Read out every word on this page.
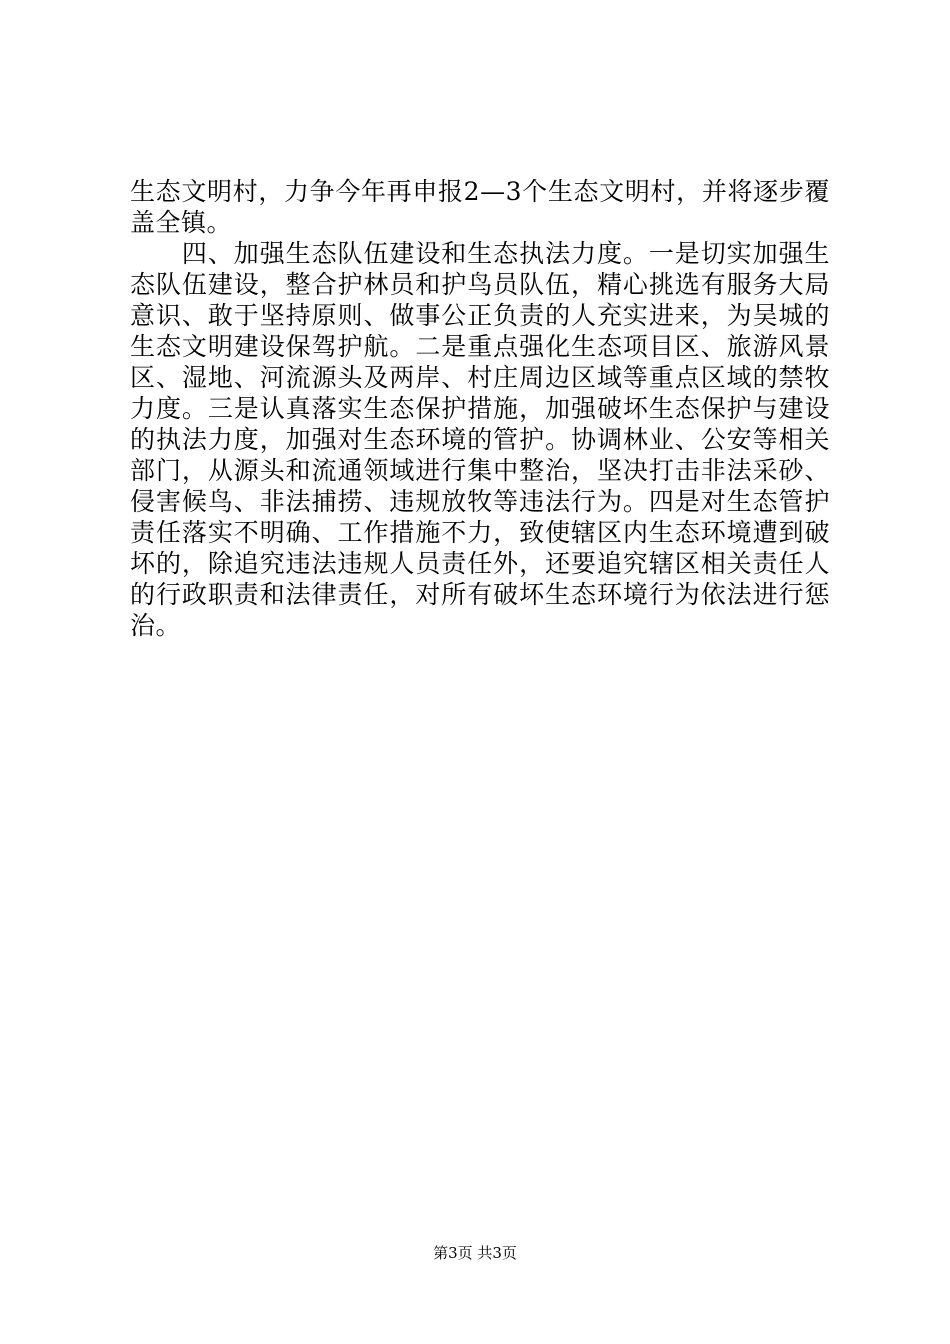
生态文明村，力争今年再申报2—3个生态文明村，并将逐步覆
盖全镇。
　　四、加强生态队伍建设和生态执法力度。一是切实加强生
态队伍建设，整合护林员和护鸟员队伍，精心挑选有服务大局
意识、敢于坚持原则、做事公正负责的人充实进来，为吴城的
生态文明建设保驾护航。二是重点强化生态项目区、旅游风景
区、湿地、河流源头及两岸、村庄周边区域等重点区域的禁牧
力度。三是认真落实生态保护措施，加强破坏生态保护与建设
的执法力度，加强对生态环境的管护。协调林业、公安等相关
部门，从源头和流通领域进行集中整治，坚决打击非法采砂、
侵害候鸟、非法捕捞、违规放牧等违法行为。四是对生态管护
责任落实不明确、工作措施不力，致使辖区内生态环境遭到破
坏的，除追究违法违规人员责任外，还要追究辖区相关责任人
的行政职责和法律责任，对所有破坏生态环境行为依法进行惩
治。
第3页 共3页
